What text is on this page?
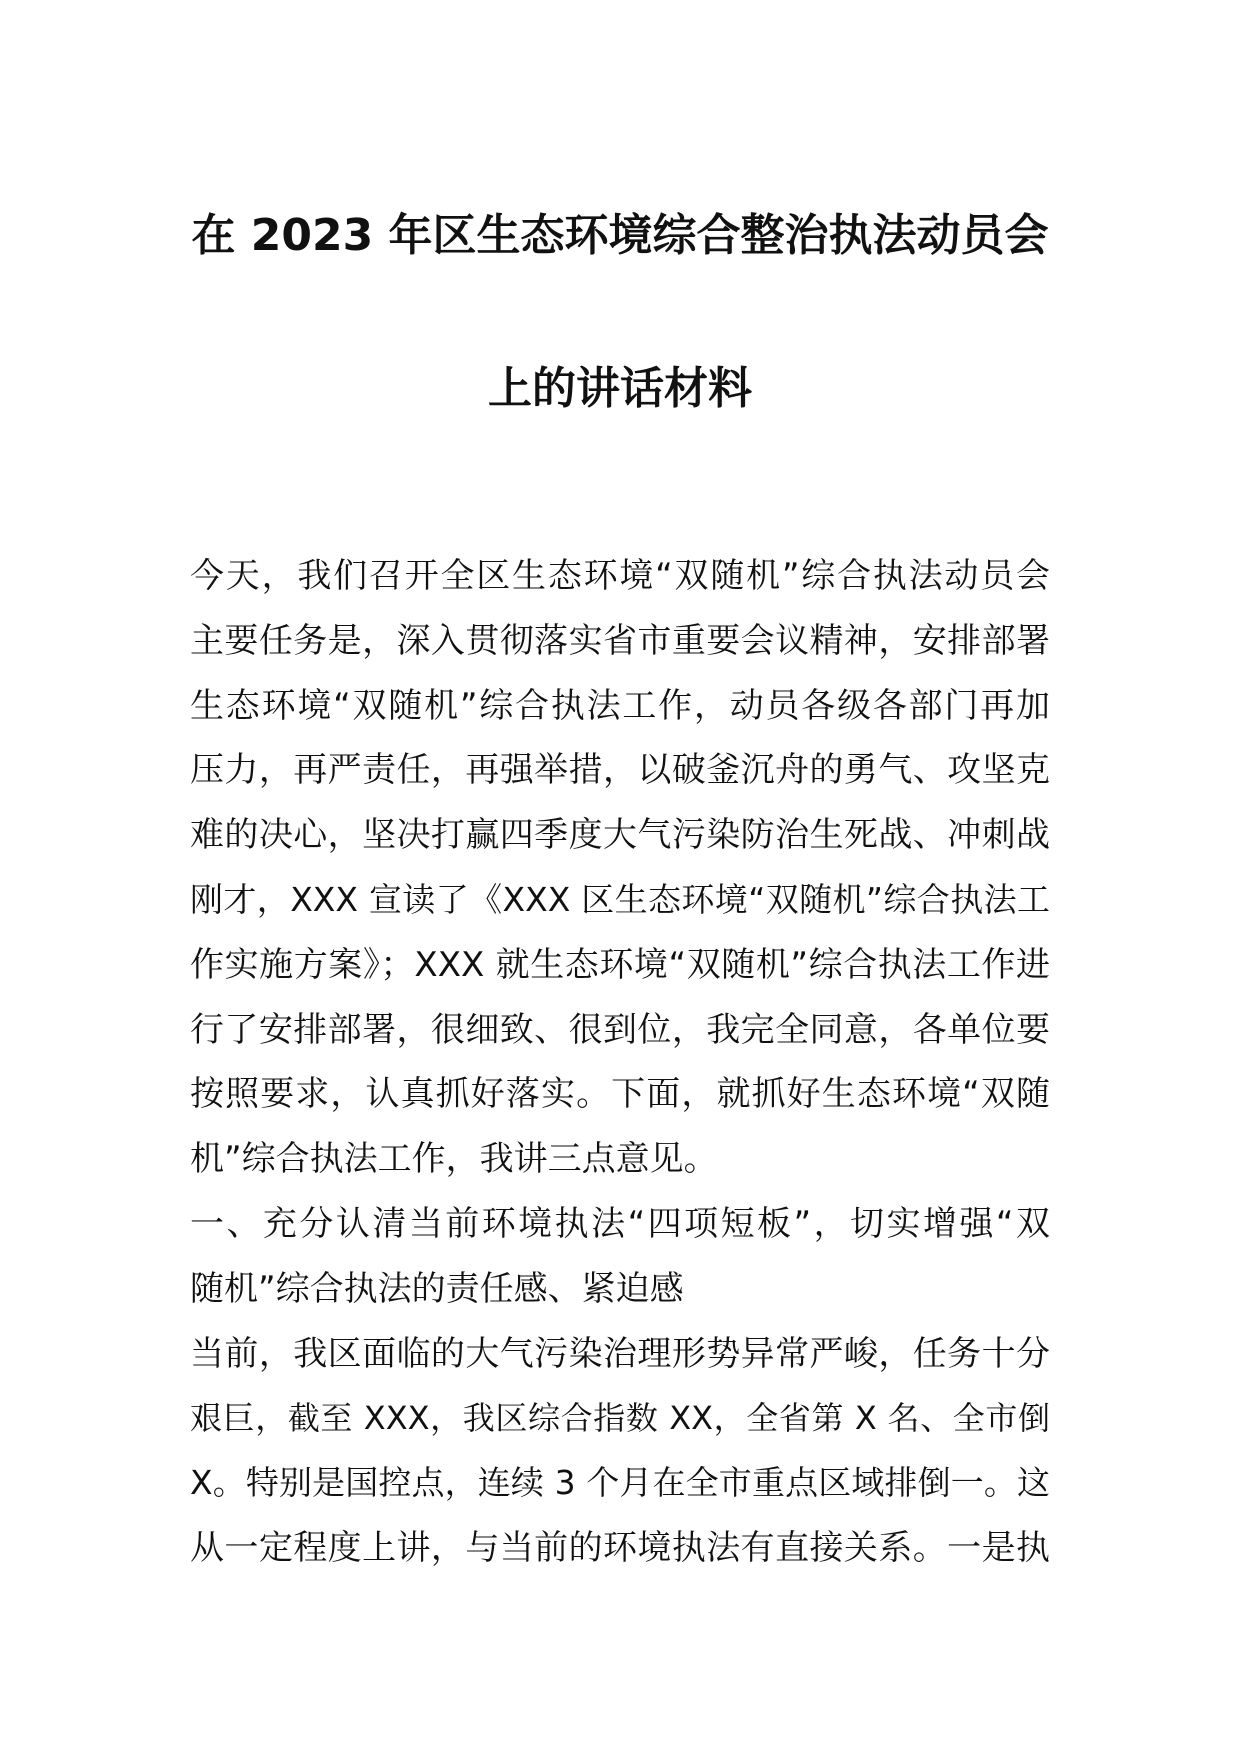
在 2023 年区生态环境综合整治执法动员会
上的讲话材料
今天，我们召开全区生态环境“双随机”综合执法动员会
主要任务是，深入贯彻落实省市重要会议精神，安排部署
生态环境“双随机”综合执法工作，动员各级各部门再加
压力，再严责任，再强举措，以破釜沉舟的勇气、攻坚克
难的决心，坚决打赢四季度大气污染防治生死战、冲刺战
刚才，XXX 宣读了《XXX 区生态环境“双随机”综合执法工
作实施方案》；XXX 就生态环境“双随机”综合执法工作进
行了安排部署，很细致、很到位，我完全同意，各单位要
按照要求，认真抓好落实。下面，就抓好生态环境“双随
机”综合执法工作，我讲三点意见。
一、充分认清当前环境执法“四项短板”，切实增强“双
随机”综合执法的责任感、紧迫感
当前，我区面临的大气污染治理形势异常严峻，任务十分
艰巨，截至 XXX，我区综合指数 XX，全省第 X 名、全市倒
X。特别是国控点，连续 3 个月在全市重点区域排倒一。这
从一定程度上讲，与当前的环境执法有直接关系。一是执
